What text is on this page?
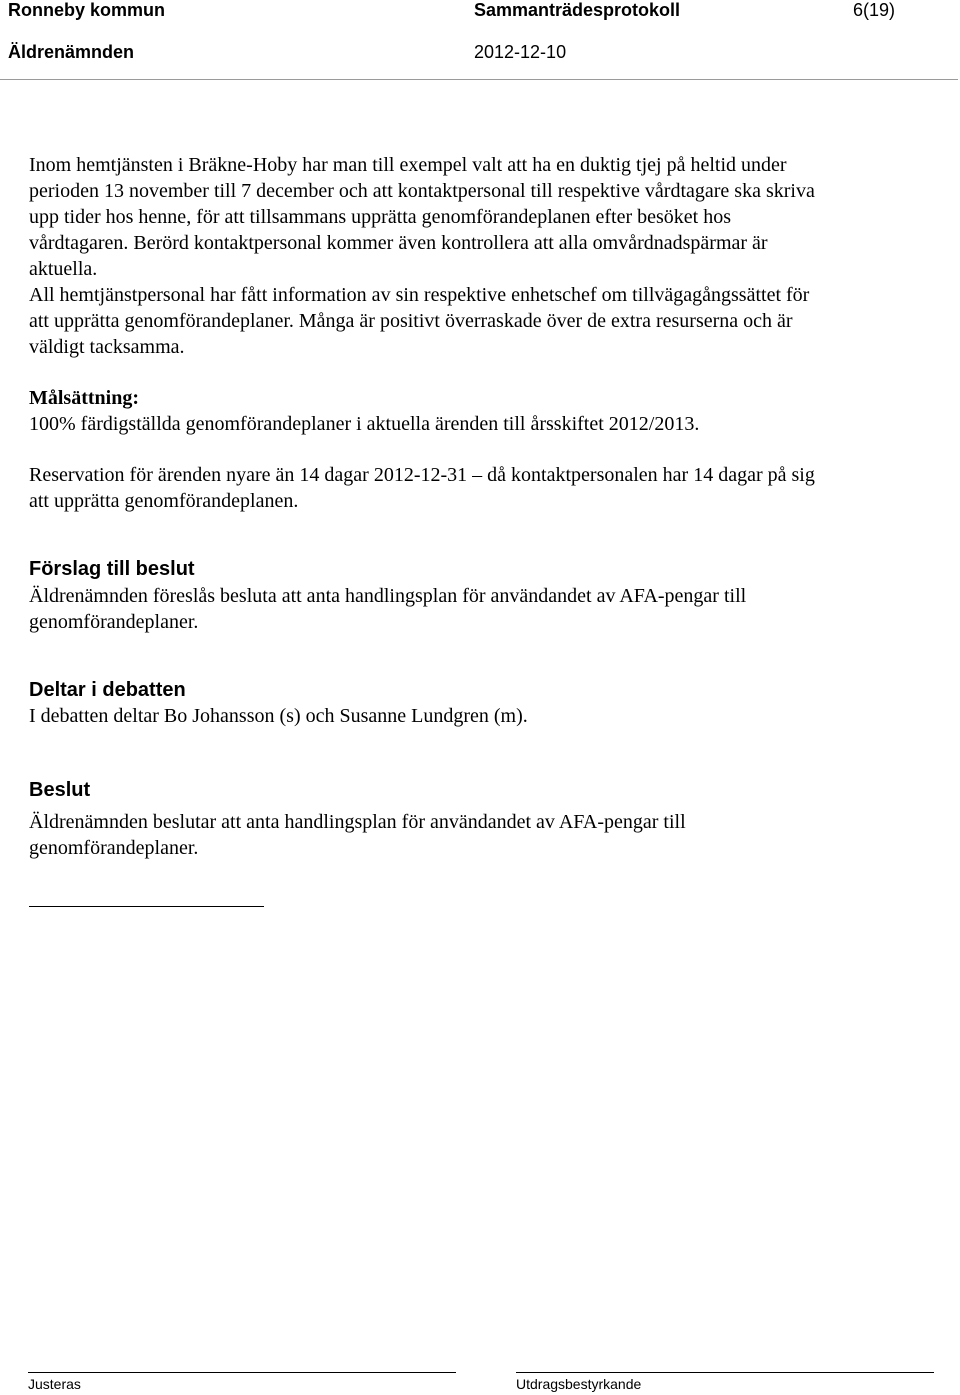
Ronneby kommun	Sammanträdesprotokoll	6(19)
Äldrenämnden	2012-12-10
Inom hemtjänsten i Bräkne-Hoby har man till exempel valt att ha en duktig tjej på heltid under
perioden 13 november till 7 december och att kontaktpersonal till respektive vårdtagare ska skriva
upp tider hos henne, för att tillsammans upprätta genomförandeplanen efter besöket hos
vårdtagaren. Berörd kontaktpersonal kommer även kontrollera att alla omvårdnadspärmar är
aktuella.
All hemtjänstpersonal har fått information av sin respektive enhetschef om tillvägagångssättet för
att upprätta genomförandeplaner. Många är positivt överraskade över de extra resurserna och är
väldigt tacksamma.
Målsättning:
100% färdigställda genomförandeplaner i aktuella ärenden till årsskiftet 2012/2013.
Reservation för ärenden nyare än 14 dagar 2012-12-31 – då kontaktpersonalen har 14 dagar på sig
att upprätta genomförandeplanen.
Förslag till beslut
Äldrenämnden föreslås besluta att anta handlingsplan för användandet av AFA-pengar till
genomförandeplaner.
Deltar i debatten
I debatten deltar Bo Johansson (s) och Susanne Lundgren (m).
Beslut
Äldrenämnden beslutar att anta handlingsplan för användandet av AFA-pengar till
genomförandeplaner.
Justeras	Utdragsbestyrkande
